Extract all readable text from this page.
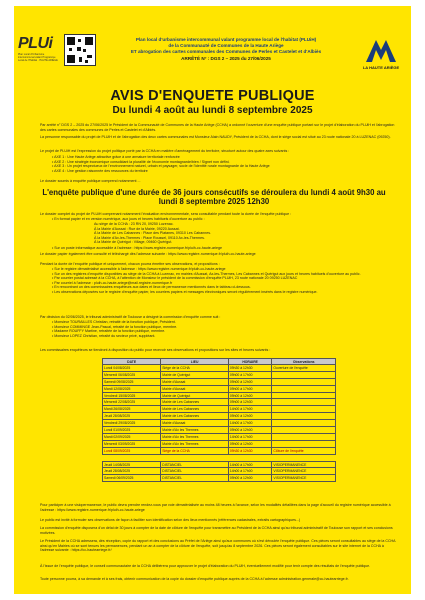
PLUi
Plan Local d'Urbanisme intercommunal valant Programme Local de l'Habitat · HAUTE ARIÈGE
Plan local d'urbanisme intercommunal valant programme local de l'habitat (PLUiH)
de la Communauté de Communes de la Haute Ariège
ET abrogation des cartes communales des Communes de Perles et Castelet et d'Albiès
ARRÊTÉ N° : DGS 2 – 2025 du 27/06/2025
LA HAUTE ARIÈGE
AVIS D'ENQUETE PUBLIQUE
Du lundi 4 août au lundi 8 septembre 2025
Par arrêté n° DGS 2 – 2025 du 27/06/2025 le Président de la Communauté de Communes de la Haute Ariège (CCHA) a ordonné l'ouverture d'une enquête publique portant sur le projet d'élaboration du PLUiH et l'abrogation des cartes communales des communes de Perles et Castelet et d'Albiès.
La personne responsable du projet de PLUiH et de l'abrogation des deux cartes communales est Monsieur Alain NAUDY, Président de la CCHA, dont le siège social est situé au 23 route nationale 20 à LUZENAC (09250).
Le projet de PLUiH est l'expression du projet politique porté par la CCHA en matière d'aménagement du territoire, structuré autour des quatre axes suivants :
• AXE 1 : Une Haute Ariège attractive grâce à une armature territoriale renforcée
• AXE 2 : Une stratégie économique consolidant la pluralité de l'économie montagnarde/bien / Signet non défini.
• AXE 3 : Un projet respectueux de l'environnement naturel, urbain et paysager, socle de l'identité rurale montagnarde de la Haute Ariège
• AXE 4 : Une gestion raisonnée des ressources du territoire
Le dossier soumis à enquête publique comprend notamment ...
L'enquête publique d'une durée de 36 jours consécutifs se déroulera du lundi 4 août 9h30 au lundi 8 septembre 2025 12h30
Le dossier complet du projet de PLUiH comprenant notamment l'évaluation environnementale, sera consultable pendant toute la durée de l'enquête publique :
• En format papier et en version numérique, aux jours et heures habituels d'ouverture au public :
Au siège de la CCHA : 23 RN 20, 09250 Luzenac.
À la Mairie d'Aussat : Rue de la Mairie, 09220 Aussat.
À la Mairie de Les Cabannes : Place des Platanes, 09310 Les Cabannes.
À la Mairie d'Ax-les-Thermes : Place Roussel, 09110 Ax-les-Thermes.
À la Mairie de Quérigut : Village, 09460 Quérigut.
• Sur un poste informatique accessible à l'adresse : https://www.registre-numerique.fr/pluih-cc-haute-ariege
Le dossier papier également être consulté et téléchargé dès l'adresse suivante : https://www.registre-numerique.fr/pluih-cc-haute-ariege
Pendant la durée de l'enquête publique et uniquement, chacun pourra émettre ses observations, et propositions :
• Sur le registre dématérialisé accessible à l'adresse : https://www.registre-numerique.fr/pluih-cc-haute-ariege
• Sur un des registres d'enquête disponibles au siège de la CCHA à Luzenac, en mairies d'Aussat, Ax-les-Thermes, Les Cabannes et Quérigut aux jours et heures habituels d'ouverture au public.
• Par courrier postal adressé à la CCHA, à l'attention de Monsieur le président de la commission d'enquête PLUiH, 23 route nationale 20 09250 LUZENAC
• Par courriel à l'adresse : pluih-cc-haute-ariege@mail.registre-numerique.fr
• En rencontrant un des commissaires enquêteurs aux dates et lieux de permanence mentionnés dans le tableau ci-dessous.
• Les observations déposées sur le registre d'enquête papier, les courriers papiers et messages électroniques seront régulièrement insérés dans le registre numérique.
Par décision du 02/06/2025, le tribunal administratif de Toulouse a désigné la commission d'enquête comme suit :
• Monsieur TOURAILLES Christian, retraité de la fonction publique, Président.
• Monsieur COMMINGE Jean-Pascal, retraité de la fonction publique, membre.
• Madame ROUFFY Martine, retraitée de la fonction publique, membre.
• Monsieur LOPEZ Christian, retraité du secteur privé, suppléant.
Les commissaires enquêteurs se tiendront à disposition du public pour recevoir ses observations et propositions sur les sites et heures suivants :
DATE	LIEU	HORAIRE	Observations
Lundi 04/08/2025	Siège de la CCHA	09h30 à 12h30	Ouverture de l'enquête
Mercredi 06/08/2025	Mairie de Quérigut	09h00 à 17h00	
Samedi 09/08/2025	Mairie d'Aussat	09h00 à 12h00	
Mardi 12/08/2025	Mairie d'Aussat	09h00 à 17h00	
Vendredi 15/08/2025	Mairie de Quérigut	09h00 à 12h00	
Mercredi 22/08/2025	Mairie de Les Cabannes	09h00 à 12h30	
Mardi 26/08/2025	Mairie de Les Cabannes	14h00 à 17h00	
Jeudi 28/08/2025	Mairie de Les Cabannes	09h00 à 12h00	
Vendredi 29/08/2025	Mairie d'Aussat	14h00 à 17h00	
Lundi 01/09/2025	Mairie d'Ax les Thermes	09h00 à 12h00	
Mardi 02/09/2025	Mairie d'Ax les Thermes	14h00 à 17h00	
Mercredi 03/09/2025	Mairie d'Ax les Thermes	09h00 à 12h00	
Lundi 08/09/2025	Siège de la CCHA	09h30 à 12h30	Clôture de l'enquête

Jeudi 14/08/2025	DISTANCIEL	14h00 à 17h00	VISIOPERMANENCE
Jeudi 28/08/2025	DISTANCIEL	14h00 à 17h00	VISIOPERMANENCE
Samedi 06/09/2025	DISTANCIEL	09h00 à 12h00	VISIOPERMANENCE
Pour participer à une visiopermanence, le public devra prendre rendez-vous par voie dématérialisée au moins 48 heures à l'avance, selon les modalités détaillées dans la page d'accueil du registre numérique accessible à l'adresse : https://www.registre-numerique.fr/pluih-cc-haute-ariege
Le public est invité à formuler ses observations de façon à faciliter son identification selon des lieux mentionnés (références cadastrales, extraits cartographiques...)
La commission d'enquête disposera d'un délai de 30 jours à compter de la date de clôture de l'enquête pour transmettre au Président de la CCHA ainsi qu'au tribunal administratif de Toulouse son rapport et ses conclusions motivées.
Le Président de la CCHA adressera, dès réception, copie du rapport et des conclusions au Préfet de l'Ariège ainsi qu'aux communes où s'est déroulée l'enquête publique. Ces pièces seront consultables au siège de la CCHA ainsi qu'en Mairies où se sont tenues les permanences, pendant un an à compter de la clôture de l'enquête, soit jusqu'au 8 septembre 2026. Ces pièces seront également consultables sur le site internet de la CCHA à l'adresse suivante : https://cc-hautearriege.fr/
À l'issue de l'enquête publique, le conseil communautaire de la CCHA délibèrera pour approuver le projet d'élaboration du PLUiH, éventuellement modifié pour tenir compte des résultats de l'enquête publique.
Toute personne pourra, à sa demande et à ses frais, obtenir communication de la copie du dossier d'enquête publique auprès de la CCHA à l'adresse administration.generale@cc-hautearriege.fr.
